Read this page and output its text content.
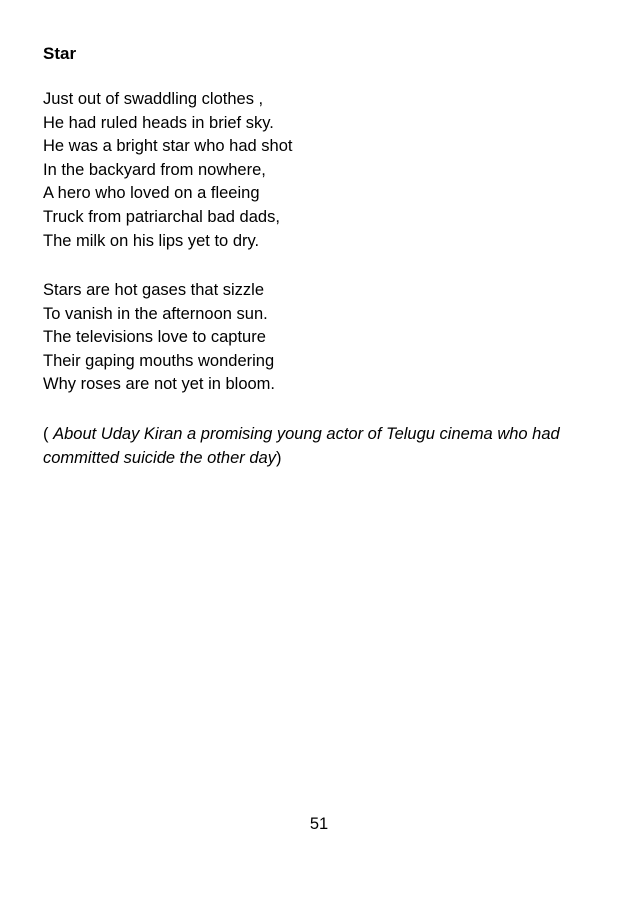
Star
Just out of swaddling clothes ,
He had ruled heads in brief sky.
He was a bright star who had shot
In the backyard from nowhere,
A hero who loved on a fleeing
Truck from patriarchal bad dads,
The milk on his lips yet to dry.
Stars are hot gases that sizzle
To vanish in the afternoon sun.
The televisions love to capture
Their gaping mouths wondering
Why roses are not yet in bloom.

( About Uday Kiran a promising young actor of Telugu cinema who had committed suicide the other day)

51
